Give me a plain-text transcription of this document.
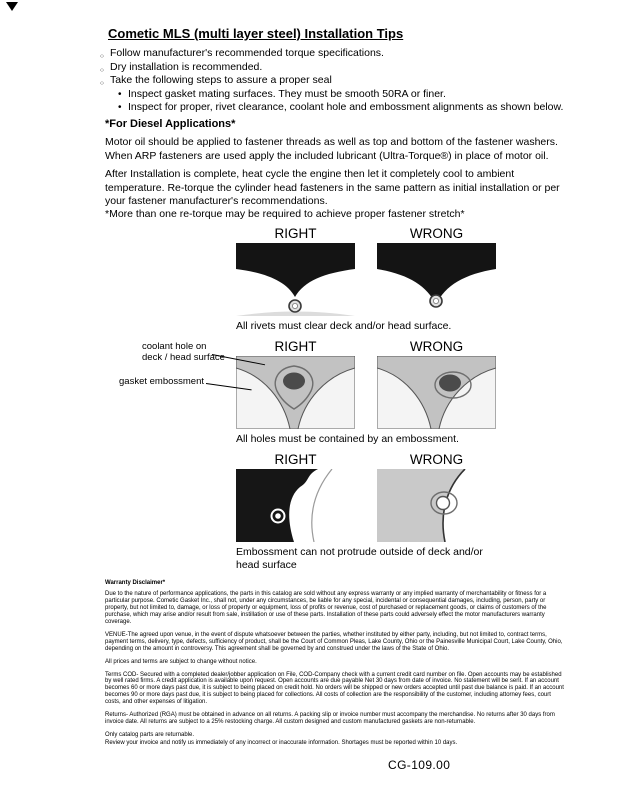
Cometic MLS (multi layer steel) Installation Tips
○ Follow manufacturer's recommended torque specifications.
○ Dry installation is recommended.
○ Take the following steps to assure a proper seal
• Inspect gasket mating surfaces. They must be smooth 50RA or finer.
• Inspect for proper, rivet clearance, coolant hole and embossment alignments as shown below.
*For Diesel Applications*

Motor oil should be applied to fastener threads as well as top and bottom of the fastener washers. When ARP fasteners are used apply the included lubricant (Ultra-Torque®) in place of motor oil.

After Installation is complete, heat cycle the engine then let it completely cool to ambient temperature. Re-torque the cylinder head fasteners in the same pattern as initial installation or per your fastener manufacturer's recommendations.

*More than one re-torque may be required to achieve proper fastener stretch*

RIGHT	WRONG
All rivets must clear deck and/or head surface.
RIGHT	WRONG
coolant hole on
deck / head surface
gasket embossment
All holes must be contained by an embossment.
RIGHT	WRONG
Embossment can not protrude outside of deck and/or head surface
Warranty Disclaimer*

Due to the nature of performance applications, the parts in this catalog are sold without any express warranty or any implied warranty of merchantability or fitness for a particular purpose. Cometic Gasket Inc., shall not, under any circumstances, be liable for any special, incidental or consequential damages, including, person, party or property, but not limited to, damage, or loss of property or equipment, loss of profits or revenue, cost of purchased or replacement goods, or claims of customers of the purchase, which may arise and/or result from sale, instillation or use of these parts. Installation of these parts could adversely effect the motor manufacturers warranty coverage.

VENUE-The agreed upon venue, in the event of dispute whatsoever between the parties, whether instituted by either party, including, but not limited to, contract terms, payment terms, delivery, type, defects, sufficiency of product, shall be the Court of Common Pleas, Lake County, Ohio or the Painesville Municipal Court, Lake County, Ohio, depending on the amount in controversy. This agreement shall be governed by and construed under the laws of the State of Ohio.

All prices and terms are subject to change without notice.

Terms COD- Secured with a completed dealer/jobber application on File, COD-Company check with a current credit card number on file. Open accounts may be established by well rated firms. A credit application is available upon request. Open accounts are due payable Net 30 days from date of invoice. No statement will be sent. If an account becomes 60 or more days past due, it is subject to being placed on credit hold. No orders will be shipped or new orders accepted until past due balance is paid. If an account becomes 90 or more days past due, it is subject to being placed for collections. All costs of collection are the responsibility of the customer, including attorney fees, court costs, and other expenses of litigation.

Returns- Authorized (RGA) must be obtained in advance on all returns. A packing slip or invoice number must accompany the merchandise. No returns after 30 days from invoice date. All returns are subject to a 25% restocking charge. All custom designed and custom manufactured gaskets are non-returnable.

Only catalog parts are returnable.

Review your invoice and notify us immediately of any incorrect or inaccurate information. Shortages must be reported within 10 days.

CG-109.00
